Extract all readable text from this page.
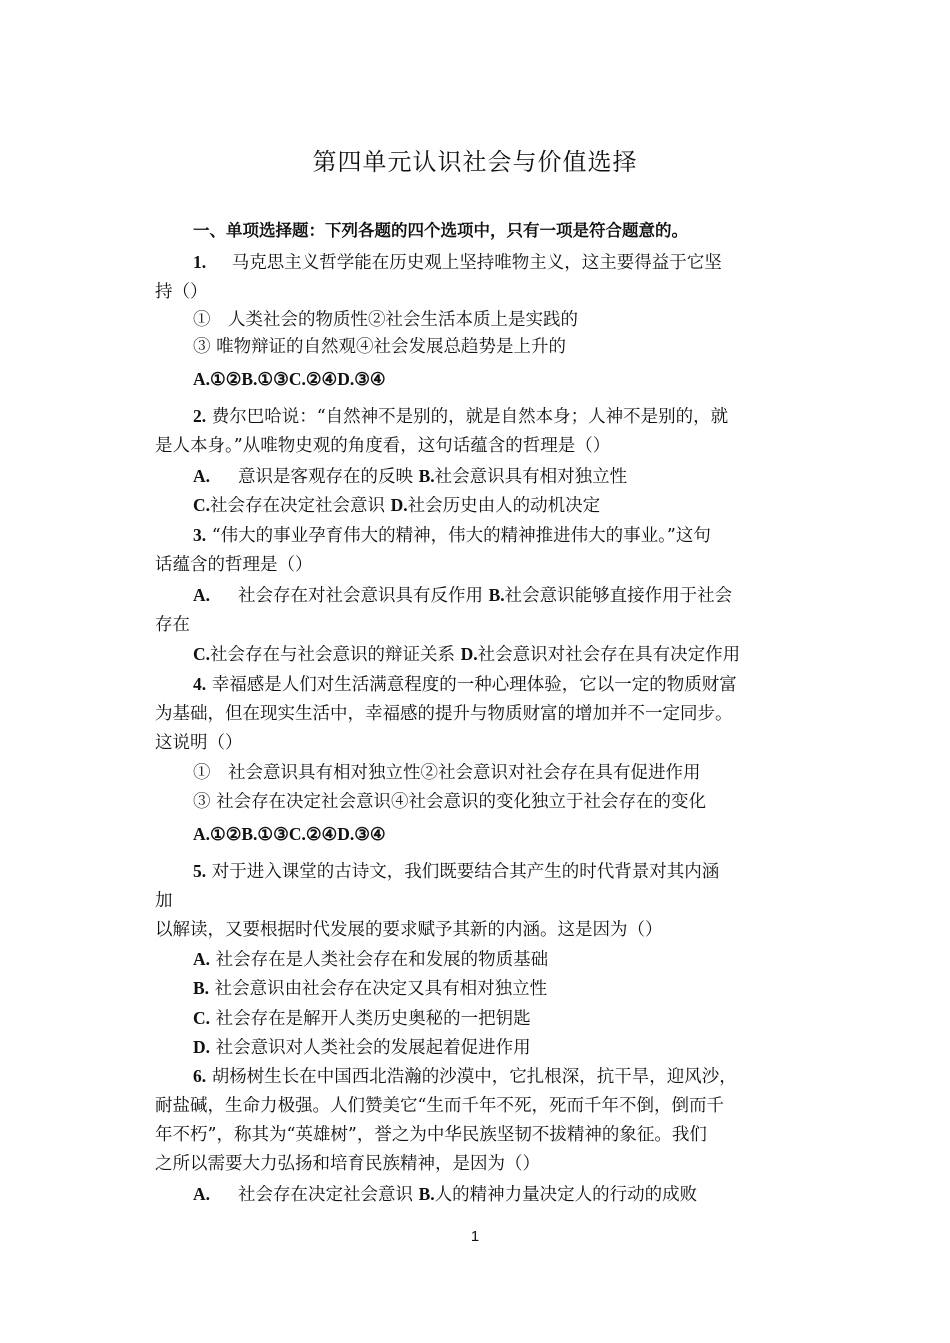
第四单元认识社会与价值选择
一、单项选择题：下列各题的四个选项中，只有一项是符合题意的。
1. 马克思主义哲学能在历史观上坚持唯物主义，这主要得益于它坚
持（）
①　人类社会的物质性②社会生活本质上是实践的
③ 唯物辩证的自然观④社会发展总趋势是上升的
A.①②B.①③C.②④D.③④
2. 费尔巴哈说：“自然神不是别的，就是自然本身；人神不是别的，就
是人本身。”从唯物史观的角度看，这句话蕴含的哲理是（）
A. 意识是客观存在的反映 B.社会意识具有相对独立性
C.社会存在决定社会意识 D.社会历史由人的动机决定
3. “伟大的事业孕育伟大的精神，伟大的精神推进伟大的事业。”这句
话蕴含的哲理是（）
A. 社会存在对社会意识具有反作用 B.社会意识能够直接作用于社会
存在
C.社会存在与社会意识的辩证关系 D.社会意识对社会存在具有决定作用
4. 幸福感是人们对生活满意程度的一种心理体验，它以一定的物质财富
为基础，但在现实生活中，幸福感的提升与物质财富的增加并不一定同步。
这说明（）
①　社会意识具有相对独立性②社会意识对社会存在具有促进作用
③ 社会存在决定社会意识④社会意识的变化独立于社会存在的变化
A.①②B.①③C.②④D.③④
5. 对于进入课堂的古诗文，我们既要结合其产生的时代背景对其内涵
加
以解读，又要根据时代发展的要求赋予其新的内涵。这是因为（）
A. 社会存在是人类社会存在和发展的物质基础
B. 社会意识由社会存在决定又具有相对独立性
C. 社会存在是解开人类历史奥秘的一把钥匙
D. 社会意识对人类社会的发展起着促进作用
6. 胡杨树生长在中国西北浩瀚的沙漠中，它扎根深，抗干旱，迎风沙，
耐盐碱，生命力极强。人们赞美它“生而千年不死，死而千年不倒，倒而千
年不朽”，称其为“英雄树”，誉之为中华民族坚韧不拔精神的象征。我们
之所以需要大力弘扬和培育民族精神，是因为（）
A. 社会存在决定社会意识 B.人的精神力量决定人的行动的成败
1
